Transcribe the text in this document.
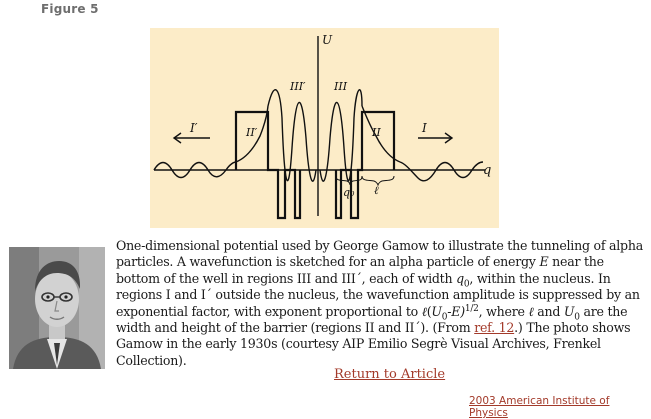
Figure 5
U
III′	III
II′	II
I′	I
q₀ ℓ
q
One-dimensional potential used by George Gamow to illustrate the tunneling of alpha particles. A wavefunction is sketched for an alpha particle of energy E near the bottom of the well in regions III and III´, each of width $q_0$, within the nucleus. In regions I and I´ outside the nucleus, the wavefunction amplitude is suppressed by an exponential factor, with exponent proportional to $\ell(U_0-E)^{1/2}$, where ℓ and $U_0$ are the width and height of the barrier (regions II and II´). (From ref. 12.) The photo shows Gamow in the early 1930s (courtesy AIP Emilio Segrè Visual Archives, Frenkel Collection).
Return to Article
2003 American Institute of Physics
